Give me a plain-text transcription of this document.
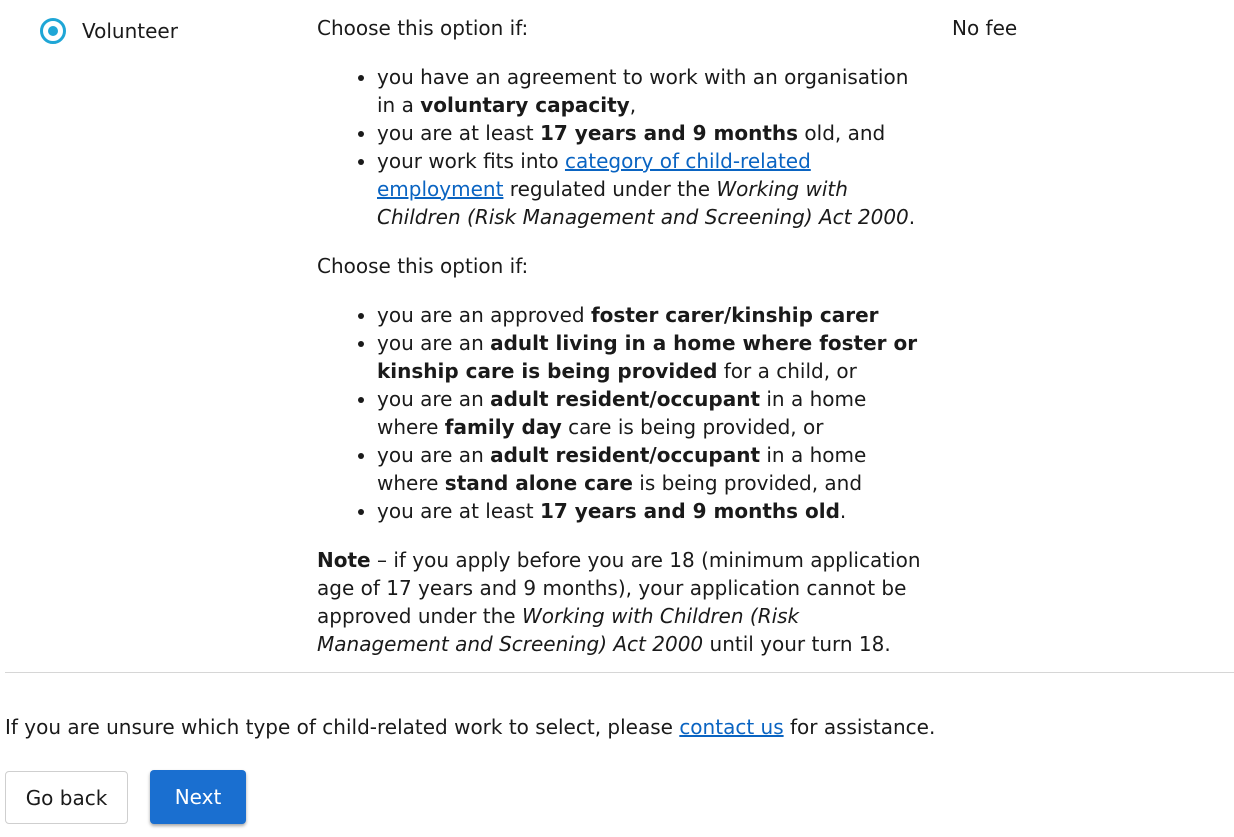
Volunteer	Choose this option if:

• you have an agreement to work with an organisation in a voluntary capacity,
• you are at least 17 years and 9 months old, and
• your work fits into category of child-related employment regulated under the Working with Children (Risk Management and Screening) Act 2000.

Choose this option if:

• you are an approved foster carer/kinship carer
• you are an adult living in a home where foster or kinship care is being provided for a child, or
• you are an adult resident/occupant in a home where family day care is being provided, or
• you are an adult resident/occupant in a home where stand alone care is being provided, and
• you are at least 17 years and 9 months old.

Note – if you apply before you are 18 (minimum application age of 17 years and 9 months), your application cannot be approved under the Working with Children (Risk Management and Screening) Act 2000 until your turn 18.

No fee

If you are unsure which type of child-related work to select, please contact us for assistance.

Go back	Next
